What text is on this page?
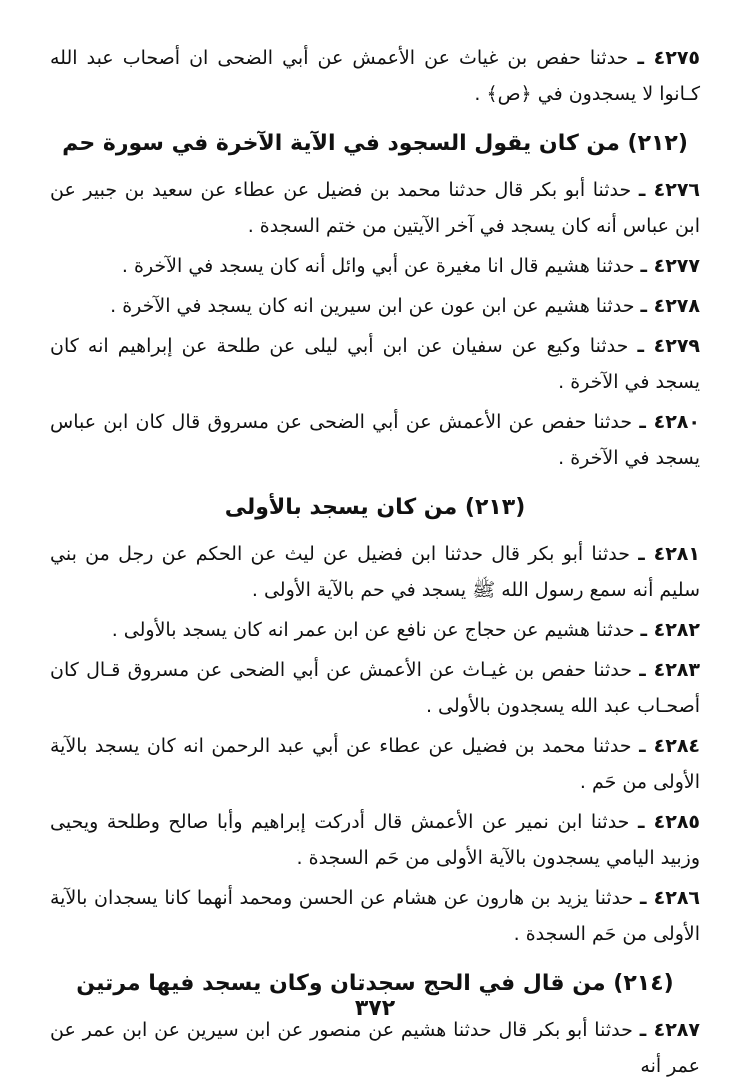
٤٢٧٥ ـ حدثنا حفص بن غياث عن الأعمش عن أبي الضحى ان أصحاب عبد الله كـانوا لا يسجدون في ﴿ص﴾ .

(٢١٢) من كان يقول السجود في الآية الآخرة في سورة حم

٤٢٧٦ ـ حدثنا أبو بكر قال حدثنا محمد بن فضيل عن عطاء عن سعيد بن جبير عن ابن عباس أنه كان يسجد في آخر الآيتين من ختم السجدة .

٤٢٧٧ ـ حدثنا هشيم قال انا مغيرة عن أبي وائل أنه كان يسجد في الآخرة .

٤٢٧٨ ـ حدثنا هشيم عن ابن عون عن ابن سيرين انه كان يسجد في الآخرة .

٤٢٧٩ ـ حدثنا وكيع عن سفيان عن ابن أبي ليلى عن طلحة عن إبراهيم انه كان يسجد في الآخرة .

٤٢٨٠ ـ حدثنا حفص عن الأعمش عن أبي الضحى عن مسروق قال كان ابن عباس يسجد في الآخرة .

(٢١٣) من كان يسجد بالأولى

٤٢٨١ ـ حدثنا أبو بكر قال حدثنا ابن فضيل عن ليث عن الحكم عن رجل من بني سليم أنه سمع رسول الله ﷺ يسجد في حم بالآية الأولى .

٤٢٨٢ ـ حدثنا هشيم عن حجاج عن نافع عن ابن عمر انه كان يسجد بالأولى .

٤٢٨٣ ـ حدثنا حفص بن غيـاث عن الأعمش عن أبي الضحى عن مسروق قـال كان أصحـاب عبد الله يسجدون بالأولى .

٤٢٨٤ ـ حدثنا محمد بن فضيل عن عطاء عن أبي عبد الرحمن انه كان يسجد بالآية الأولى من حَم .

٤٢٨٥ ـ حدثنا ابن نمير عن الأعمش قال أدركت إبراهيم وأبا صالح وطلحة ويحيى وزبيد اليامي يسجدون بالآية الأولى من حَم السجدة .

٤٢٨٦ ـ حدثنا يزيد بن هارون عن هشام عن الحسن ومحمد أنهما كانا يسجدان بالآية الأولى من حَم السجدة .

(٢١٤) من قال في الحج سجدتان وكان يسجد فيها مرتين

٤٢٨٧ ـ حدثنا أبو بكر قال حدثنا هشيم عن منصور عن ابن سيرين عن ابن عمر عن عمر أنه

٣٧٢
